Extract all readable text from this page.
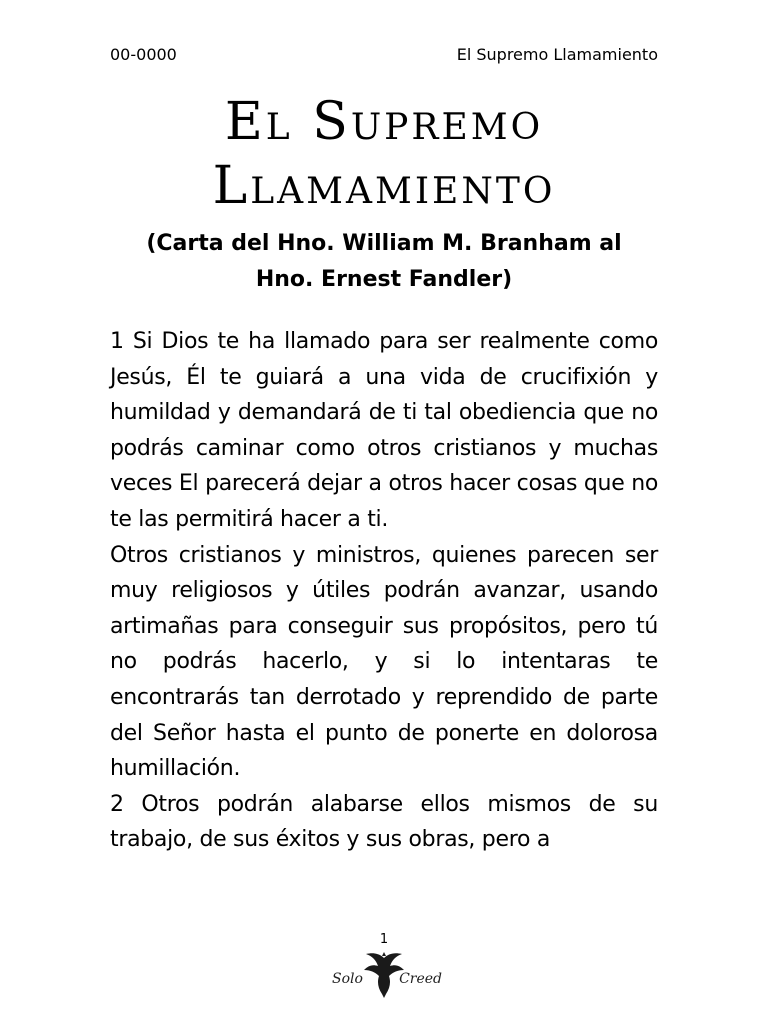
00-0000	El Supremo Llamamiento
El Supremo
Llamamiento
(Carta del Hno. William M. Branham al
Hno. Ernest Fandler)

1 Si Dios te ha llamado para ser realmente como Jesús, Él te guiará a una vida de crucifixión y humildad y demandará de ti tal obediencia que no podrás caminar como otros cristianos y muchas veces El parecerá dejar a otros hacer cosas que no te las permitirá hacer a ti.

Otros cristianos y ministros, quienes parecen ser muy religiosos y útiles podrán avanzar, usando artimañas para conseguir sus propósitos, pero tú no podrás hacerlo, y si lo intentaras te encontrarás tan derrotado y reprendido de parte del Señor hasta el punto de ponerte en dolorosa humillación.

2 Otros podrán alabarse ellos mismos de su trabajo, de sus éxitos y sus obras, pero a

1
Solo	Creed
